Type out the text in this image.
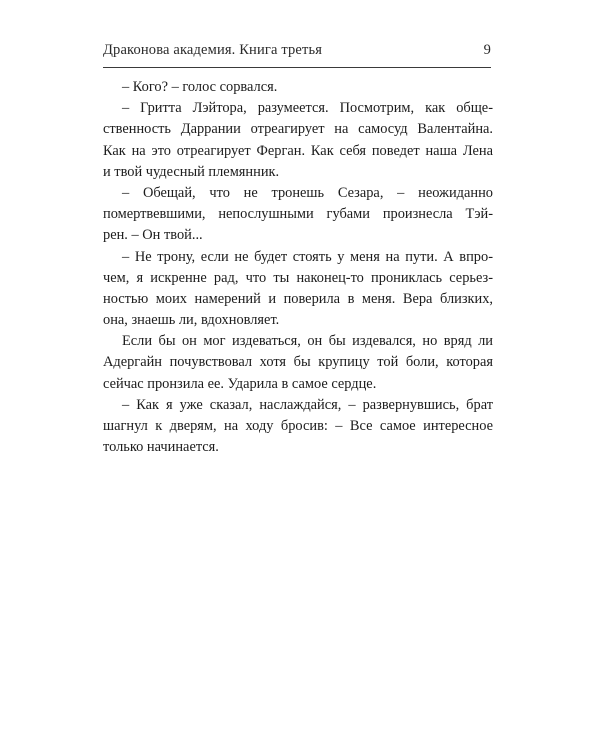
Драконова академия. Книга третья	9
– Кого? – голос сорвался.
– Гритта Лэйтора, разумеется. Посмотрим, как обще-
ственность Даррании отреагирует на самосуд Валентайна.
Как на это отреагирует Ферган. Как себя поведет наша Лена
и твой чудесный племянник.
– Обещай, что не тронешь Сезара, – неожиданно
помертвевшими, непослушными губами произнесла Тэй-
рен. – Он твой...
– Не трону, если не будет стоять у меня на пути. А впро-
чем, я искренне рад, что ты наконец-то прониклась серьез-
ностью моих намерений и поверила в меня. Вера близких,
она, знаешь ли, вдохновляет.
Если бы он мог издеваться, он бы издевался, но вряд ли
Адергайн почувствовал хотя бы крупицу той боли, которая
сейчас пронзила ее. Ударила в самое сердце.
– Как я уже сказал, наслаждайся, – развернувшись, брат
шагнул к дверям, на ходу бросив: – Все самое интересное
только начинается.
